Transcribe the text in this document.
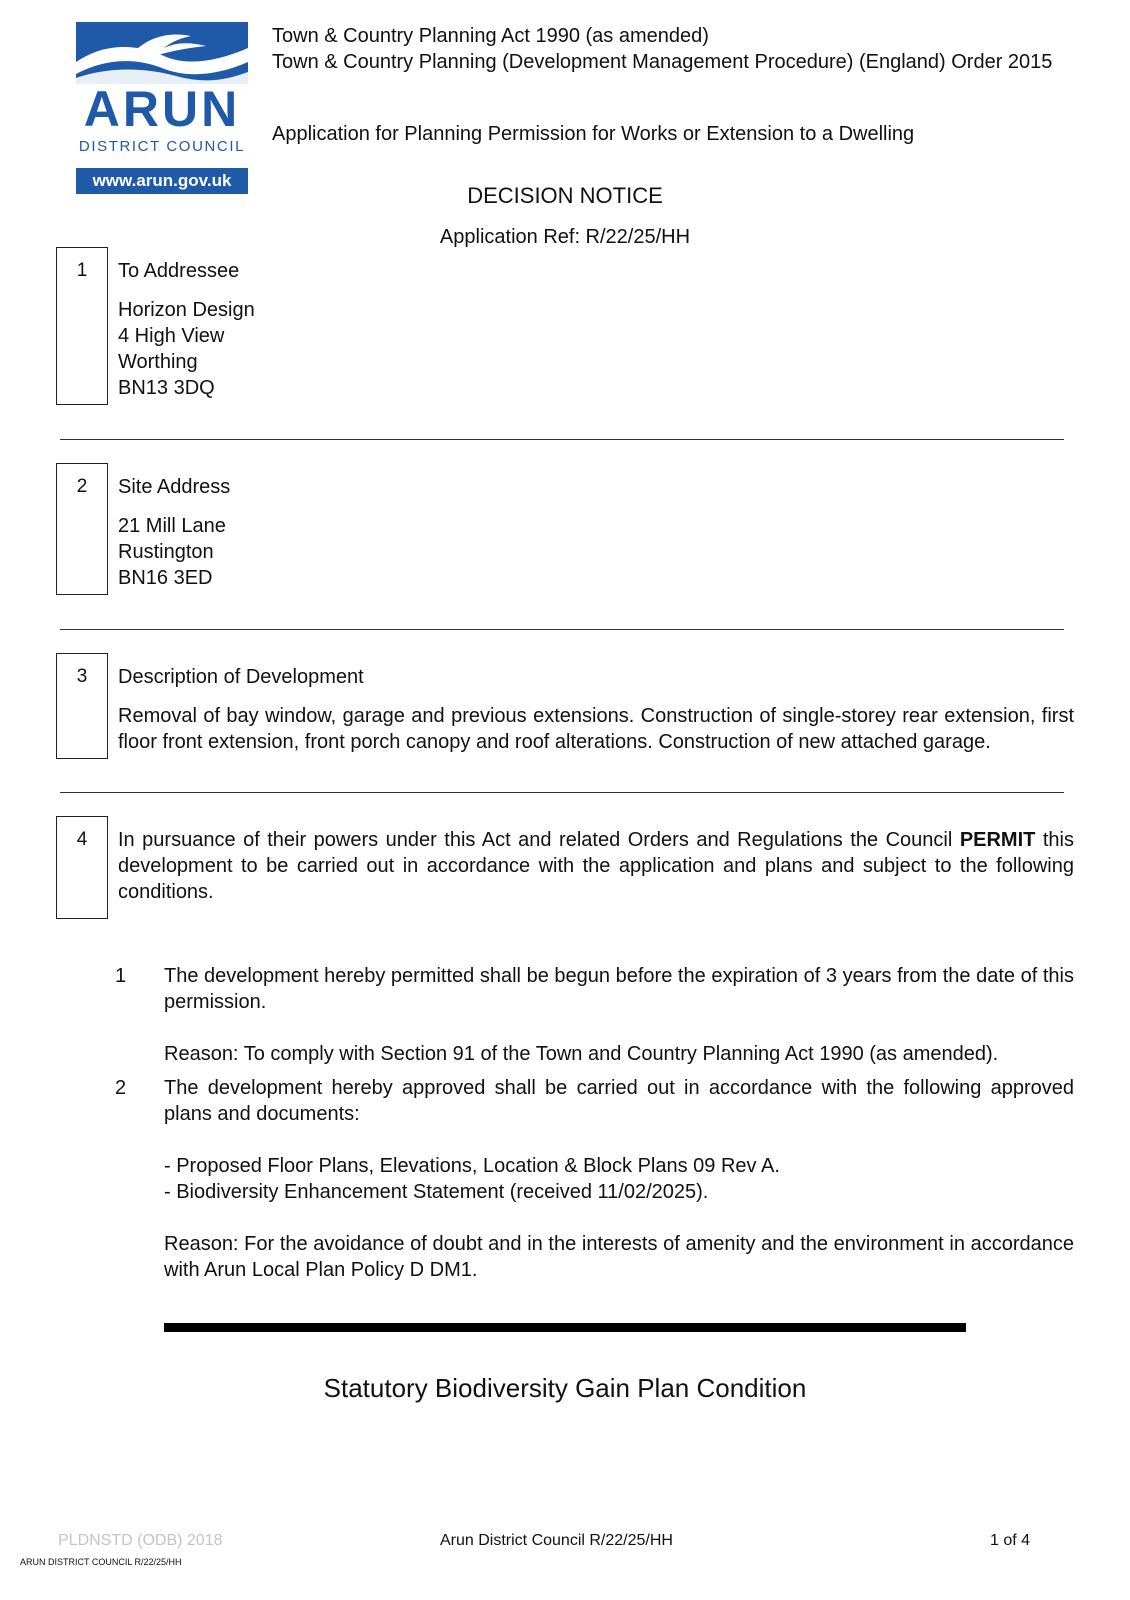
ARUN
DISTRICT COUNCIL
www.arun.gov.uk
Town & Country Planning Act 1990 (as amended)
Town & Country Planning (Development Management Procedure) (England) Order 2015
Application for Planning Permission for Works or Extension to a Dwelling
DECISION NOTICE
Application Ref: R/22/25/HH
1	To Addressee
Horizon Design
4 High View
Worthing
BN13 3DQ
2	Site Address
21 Mill Lane
Rustington
BN16 3ED
3	Description of Development
Removal of bay window, garage and previous extensions. Construction of single-storey rear extension, first floor front extension, front porch canopy and roof alterations. Construction of new attached garage.
4	In pursuance of their powers under this Act and related Orders and Regulations the Council PERMIT this development to be carried out in accordance with the application and plans and subject to the following conditions.
1 The development hereby permitted shall be begun before the expiration of 3 years from the date of this permission.
Reason: To comply with Section 91 of the Town and Country Planning Act 1990 (as amended).
2 The development hereby approved shall be carried out in accordance with the following approved plans and documents:
- Proposed Floor Plans, Elevations, Location & Block Plans 09 Rev A.
- Biodiversity Enhancement Statement (received 11/02/2025).
Reason: For the avoidance of doubt and in the interests of amenity and the environment in accordance with Arun Local Plan Policy D DM1.
Statutory Biodiversity Gain Plan Condition
PLDNSTD (ODB) 2018	Arun District Council R/22/25/HH	1 of 4
ARUN DISTRICT COUNCIL R/22/25/HH
